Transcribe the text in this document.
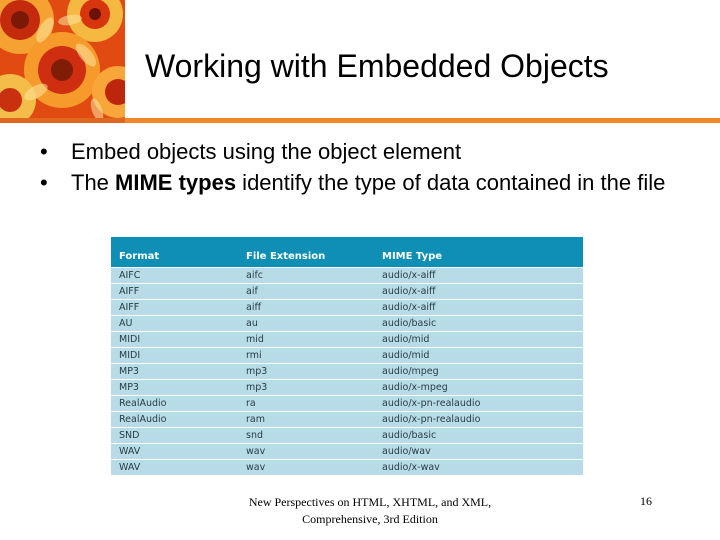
Working with Embedded Objects
• Embed objects using the object element
• The MIME types identify the type of data contained in the file
Format	File Extension	MIME Type
AIFC	aifc	audio/x-aiff
AIFF	aif	audio/x-aiff
AIFF	aiff	audio/x-aiff
AU	au	audio/basic
MIDI	mid	audio/mid
MIDI	rmi	audio/mid
MP3	mp3	audio/mpeg
MP3	mp3	audio/x-mpeg
RealAudio	ra	audio/x-pn-realaudio
RealAudio	ram	audio/x-pn-realaudio
SND	snd	audio/basic
WAV	wav	audio/wav
WAV	wav	audio/x-wav
New Perspectives on HTML, XHTML, and XML,
Comprehensive, 3rd Edition
16
